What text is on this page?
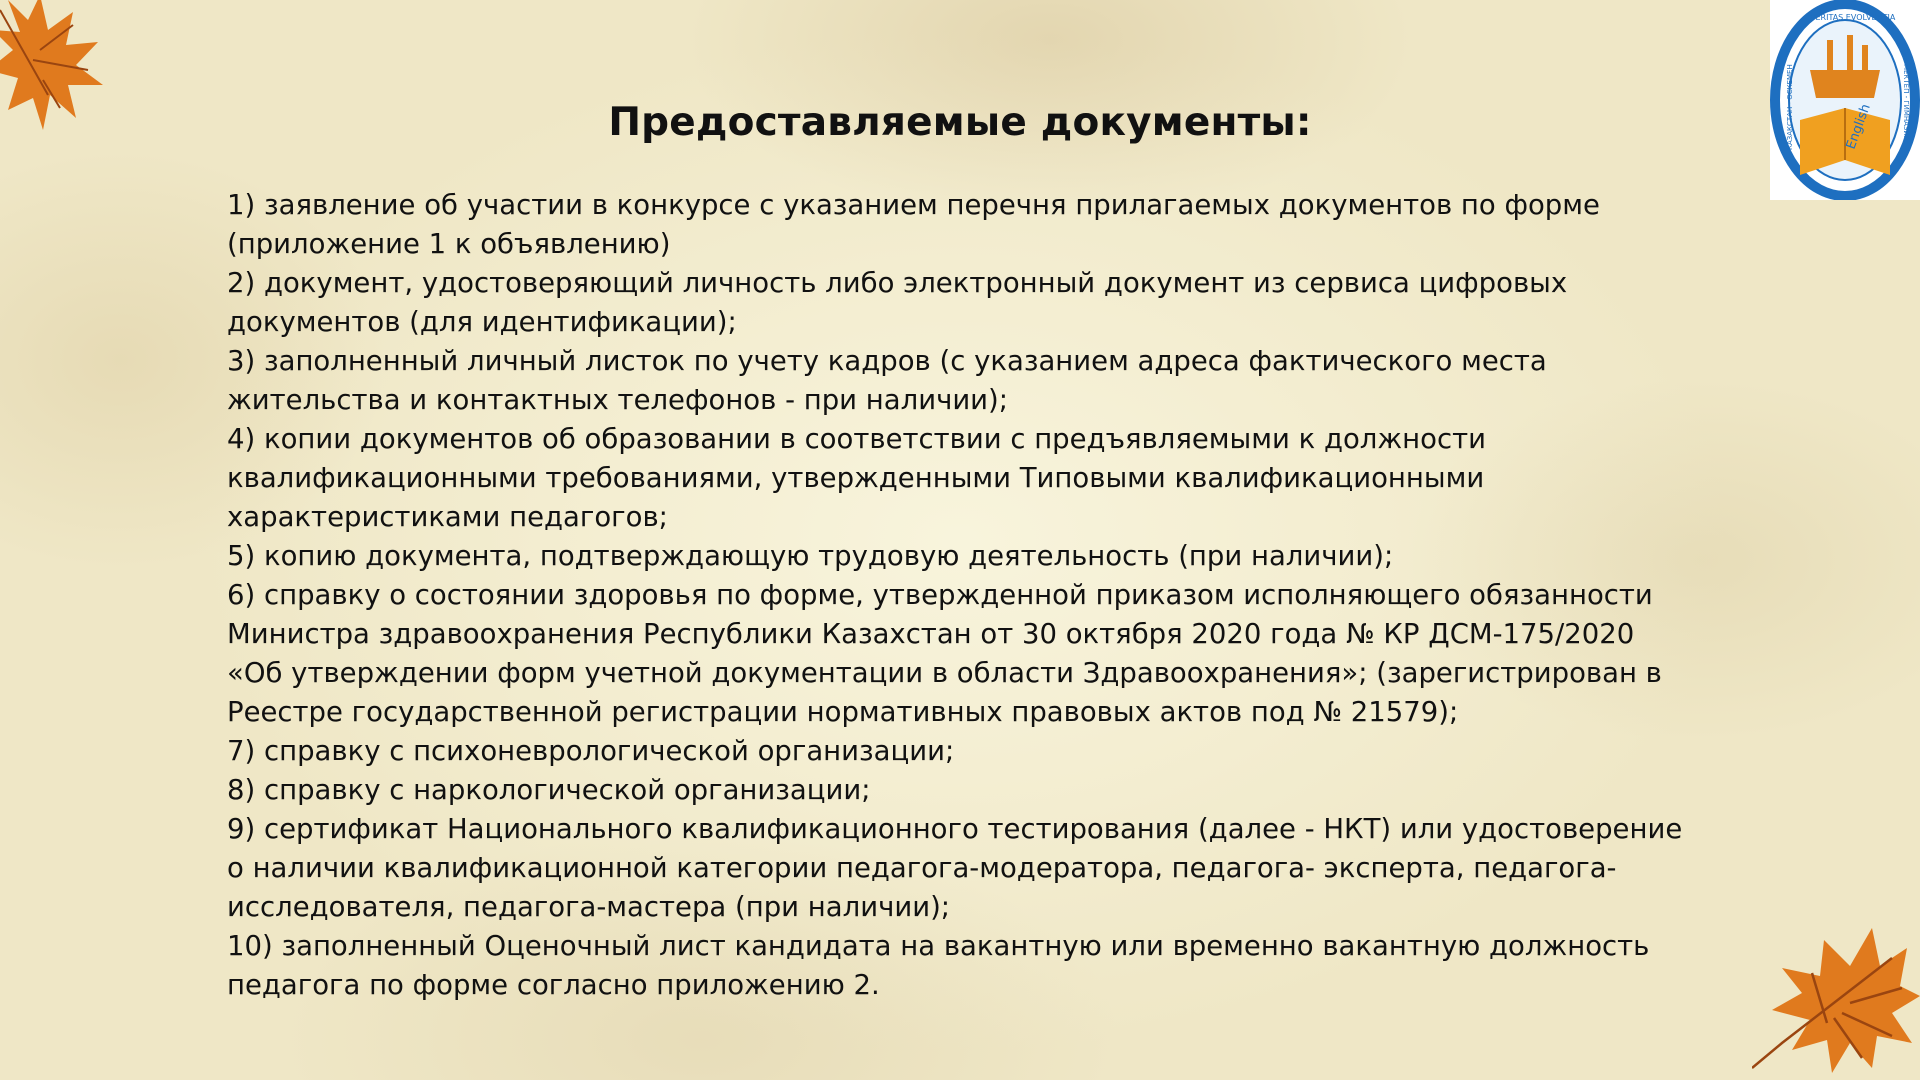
English
VERITAS EVOLVENTIA
КАЗАКСТАН - ОСКЕМЕН	№8 МЕКТЕП - ГИМНАЗИЯ
Предоставляемые документы:

1) заявление об участии в конкурсе с указанием перечня прилагаемых документов по форме (приложение 1 к объявлению)

2) документ, удостоверяющий личность либо электронный документ из сервиса цифровых документов (для идентификации);

3) заполненный личный листок по учету кадров (с указанием адреса фактического места жительства и контактных телефонов - при наличии);

4) копии документов об образовании в соответствии с предъявляемыми к должности квалификационными требованиями, утвержденными Типовыми квалификационными характеристиками педагогов;

5) копию документа, подтверждающую трудовую деятельность (при наличии);

6) справку о состоянии здоровья по форме, утвержденной приказом исполняющего обязанности Министра здравоохранения Республики Казахстан от 30 октября 2020 года № КР ДСМ-175/2020 «Об утверждении форм учетной документации в области Здравоохранения»; (зарегистрирован в Реестре государственной регистрации нормативных правовых актов под № 21579);

7) справку с психоневрологической организации;

8) справку с наркологической организации;

9) сертификат Национального квалификационного тестирования (далее - НКТ) или удостоверение о наличии квалификационной категории педагога-модератора, педагога- эксперта, педагога-исследователя, педагога-мастера (при наличии);

10) заполненный Оценочный лист кандидата на вакантную или временно вакантную должность педагога по форме согласно приложению 2.
